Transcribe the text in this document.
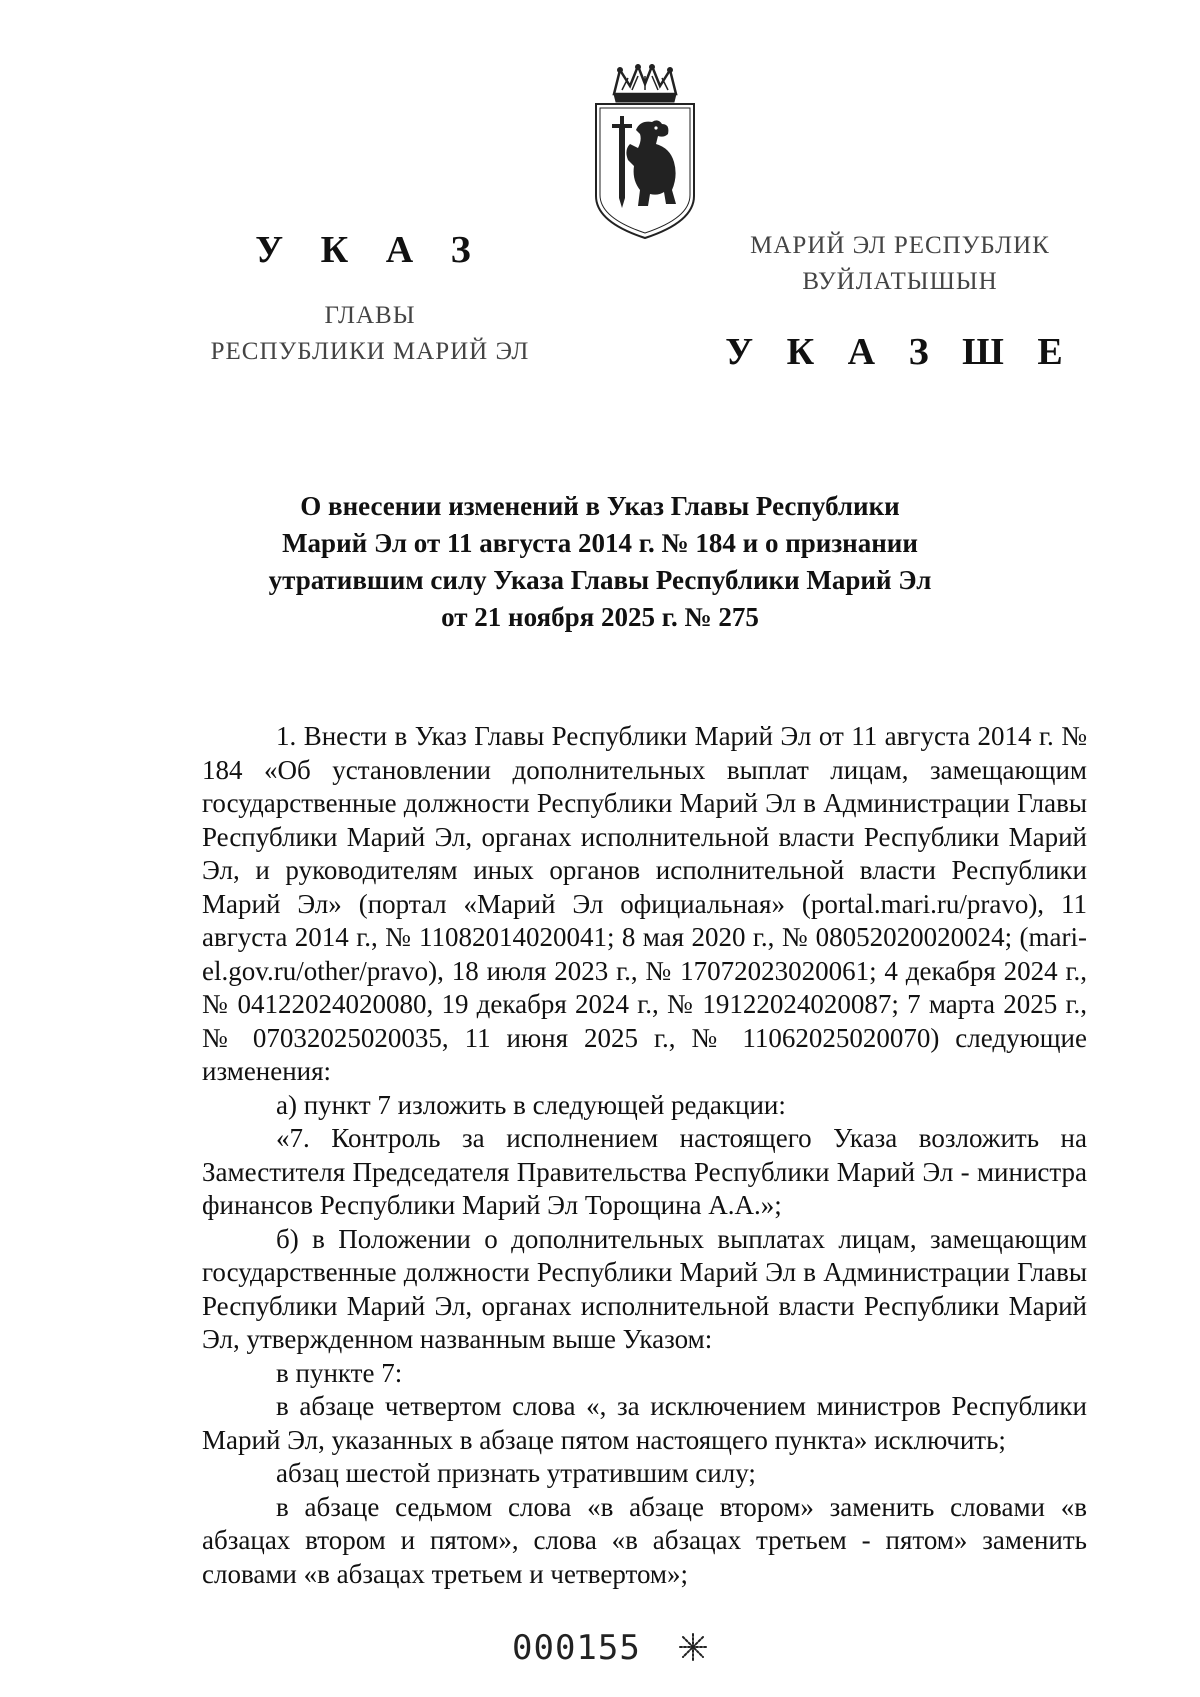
У К А З
ГЛАВЫ
РЕСПУБЛИКИ МАРИЙ ЭЛ
МАРИЙ ЭЛ РЕСПУБЛИК
ВУЙЛАТЫШЫН
У К А З Ш Е
О внесении изменений в Указ Главы Республики
Марий Эл от 11 августа 2014 г. № 184 и о признании
утратившим силу Указа Главы Республики Марий Эл
от 21 ноября 2025 г. № 275

1. Внести в Указ Главы Республики Марий Эл от 11 августа 2014 г. № 184 «Об установлении дополнительных выплат лицам, замещающим государственные должности Республики Марий Эл в Администрации Главы Республики Марий Эл, органах исполнительной власти Республики Марий Эл, и руководителям иных органов исполнительной власти Республики Марий Эл» (портал «Марий Эл официальная» (portal.mari.ru/pravo), 11 августа 2014 г., № 11082014020041; 8 мая 2020 г., № 08052020020024; (mari-el.gov.ru/other/pravo), 18 июля 2023 г., № 17072023020061; 4 декабря 2024 г., № 04122024020080, 19 декабря 2024 г., № 19122024020087; 7 марта 2025 г., № 07032025020035, 11 июня 2025 г., № 11062025020070) следующие изменения:

а) пункт 7 изложить в следующей редакции:

«7. Контроль за исполнением настоящего Указа возложить на Заместителя Председателя Правительства Республики Марий Эл - министра финансов Республики Марий Эл Торощина А.А.»;

б) в Положении о дополнительных выплатах лицам, замещающим государственные должности Республики Марий Эл в Администрации Главы Республики Марий Эл, органах исполнительной власти Республики Марий Эл, утвержденном названным выше Указом:

в пункте 7:

в абзаце четвертом слова «, за исключением министров Республики Марий Эл, указанных в абзаце пятом настоящего пункта» исключить;

абзац шестой признать утратившим силу;

в абзаце седьмом слова «в абзаце втором» заменить словами «в абзацах втором и пятом», слова «в абзацах третьем - пятом» заменить словами «в абзацах третьем и четвертом»;

000155
